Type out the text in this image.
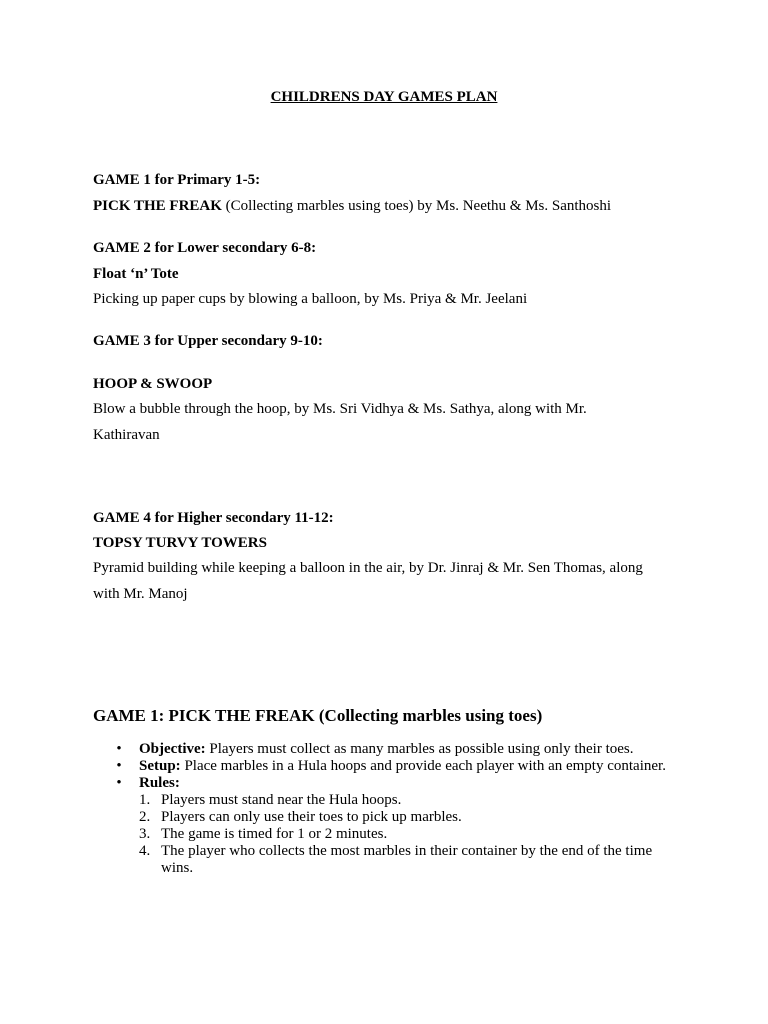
CHILDRENS DAY GAMES PLAN
GAME 1 for Primary 1-5:
PICK THE FREAK (Collecting marbles using toes) by Ms. Neethu & Ms. Santhoshi
GAME 2 for Lower secondary 6-8:
Float ‘n’ Tote
Picking up paper cups by blowing a balloon, by Ms. Priya & Mr. Jeelani
GAME 3 for Upper secondary 9-10:
HOOP & SWOOP
Blow a bubble through the hoop, by Ms. Sri Vidhya & Ms. Sathya, along with Mr.
Kathiravan
GAME 4 for Higher secondary 11-12:
TOPSY TURVY TOWERS
Pyramid building while keeping a balloon in the air, by Dr. Jinraj & Mr. Sen Thomas, along
with Mr. Manoj
GAME 1: PICK THE FREAK (Collecting marbles using toes)
• Objective: Players must collect as many marbles as possible using only their toes.
• Setup: Place marbles in a Hula hoops and provide each player with an empty container.
• Rules:
1. Players must stand near the Hula hoops.
2. Players can only use their toes to pick up marbles.
3. The game is timed for 1 or 2 minutes.
4. The player who collects the most marbles in their container by the end of the time wins.
